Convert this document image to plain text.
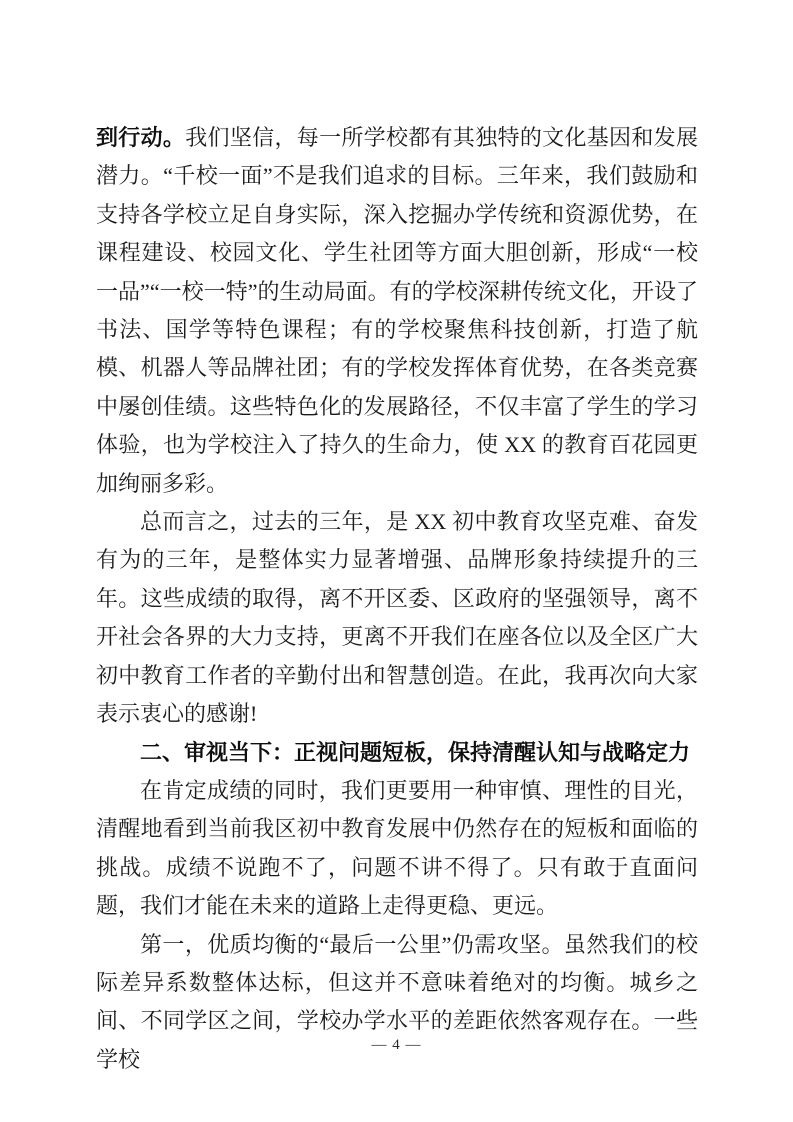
到行动。我们坚信，每一所学校都有其独特的文化基因和发展潜力。“千校一面”不是我们追求的目标。三年来，我们鼓励和支持各学校立足自身实际，深入挖掘办学传统和资源优势，在课程建设、校园文化、学生社团等方面大胆创新，形成“一校一品”“一校一特”的生动局面。有的学校深耕传统文化，开设了书法、国学等特色课程；有的学校聚焦科技创新，打造了航模、机器人等品牌社团；有的学校发挥体育优势，在各类竞赛中屡创佳绩。这些特色化的发展路径，不仅丰富了学生的学习体验，也为学校注入了持久的生命力，使 XX 的教育百花园更加绚丽多彩。

总而言之，过去的三年，是 XX 初中教育攻坚克难、奋发有为的三年，是整体实力显著增强、品牌形象持续提升的三年。这些成绩的取得，离不开区委、区政府的坚强领导，离不开社会各界的大力支持，更离不开我们在座各位以及全区广大初中教育工作者的辛勤付出和智慧创造。在此，我再次向大家表示衷心的感谢!

二、审视当下：正视问题短板，保持清醒认知与战略定力

在肯定成绩的同时，我们更要用一种审慎、理性的目光，清醒地看到当前我区初中教育发展中仍然存在的短板和面临的挑战。成绩不说跑不了，问题不讲不得了。只有敢于直面问题，我们才能在未来的道路上走得更稳、更远。

第一，优质均衡的“最后一公里”仍需攻坚。虽然我们的校际差异系数整体达标，但这并不意味着绝对的均衡。城乡之间、不同学区之间，学校办学水平的差距依然客观存在。一些学校

— 4 —
